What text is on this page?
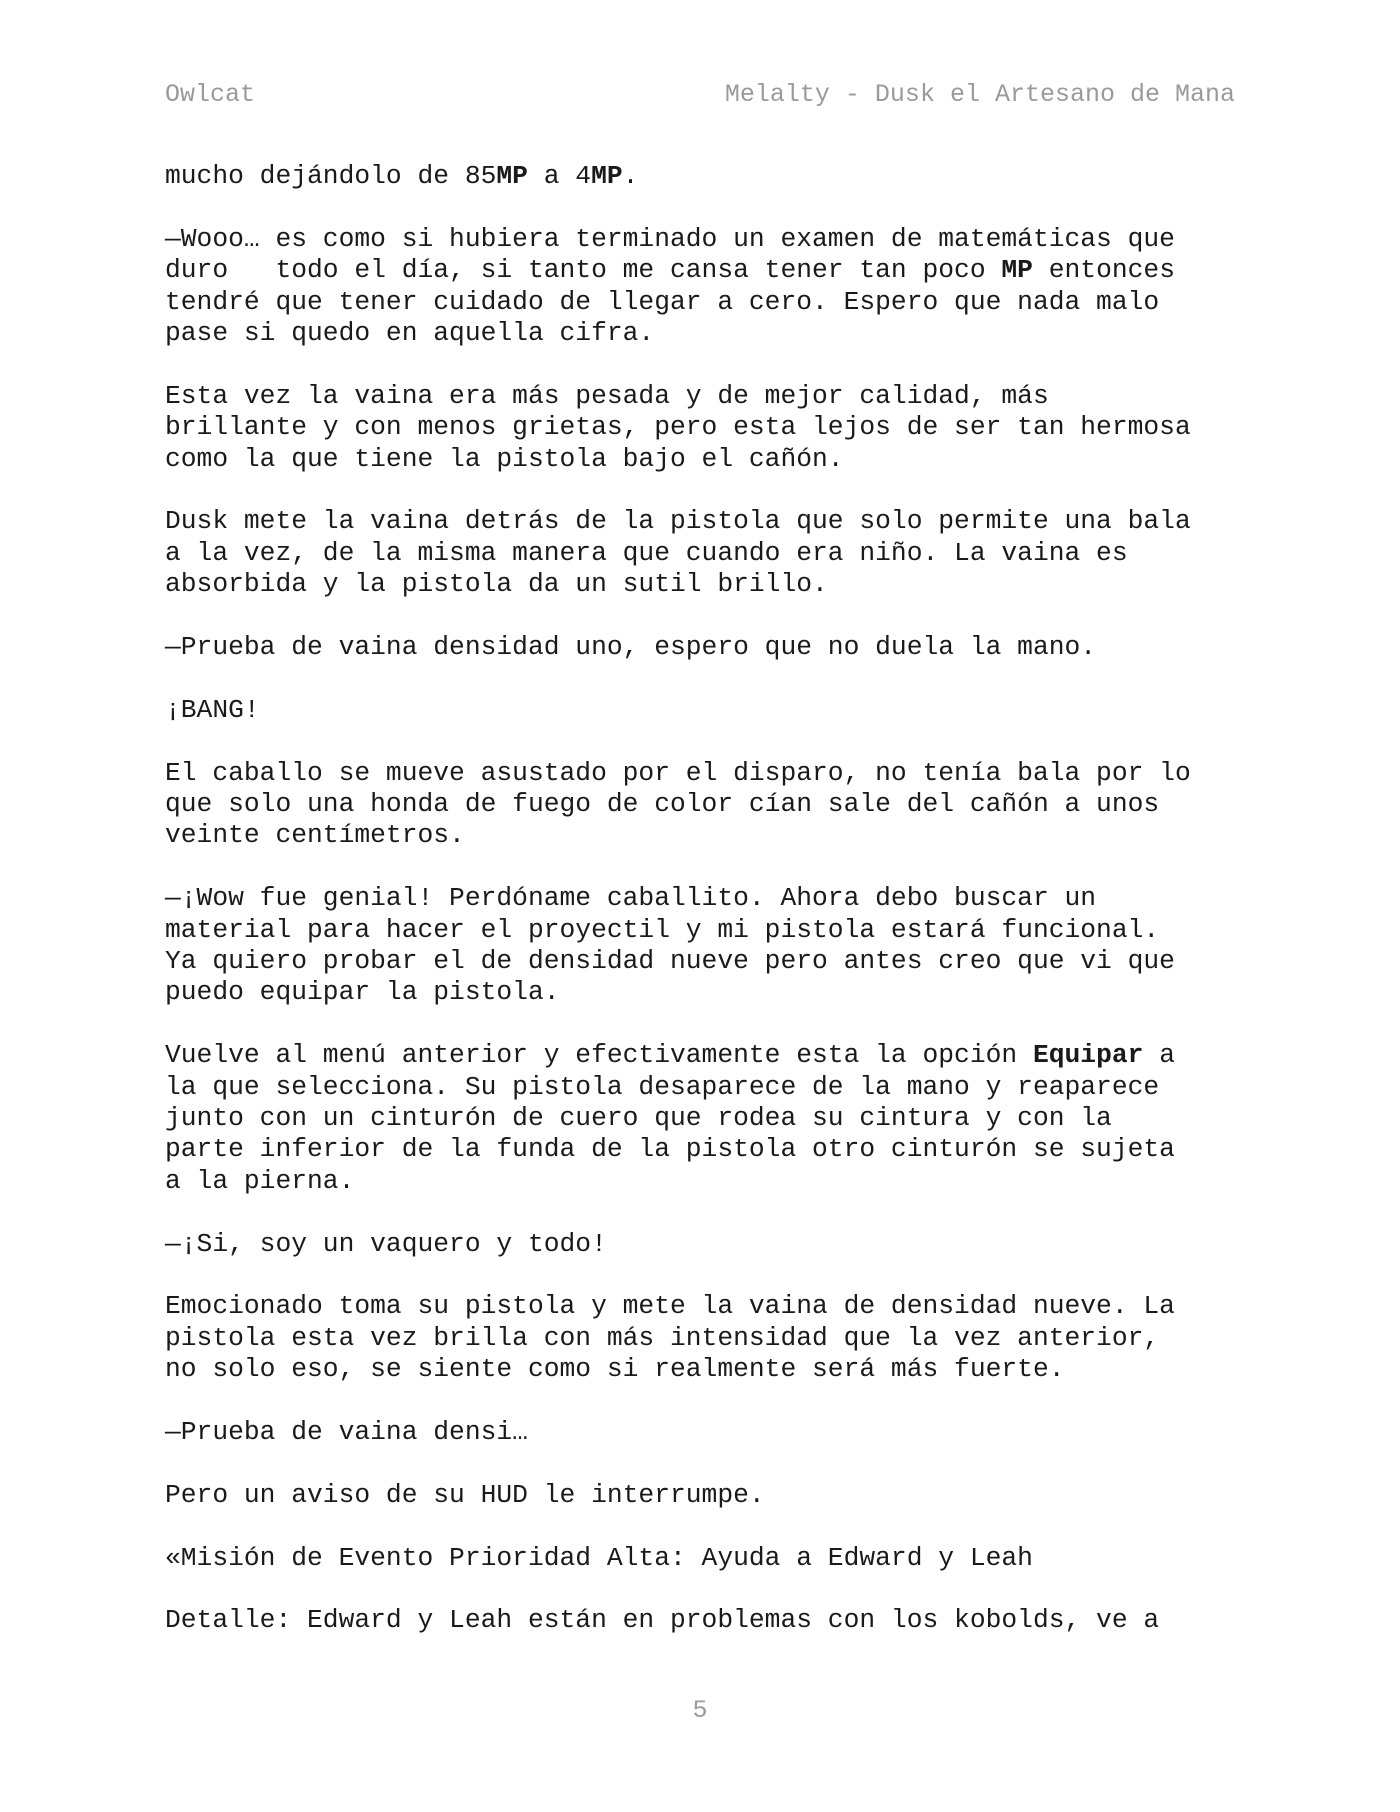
Owlcat	Melalty - Dusk el Artesano de Mana
mucho dejándolo de 85MP a 4MP.
—Wooo… es como si hubiera terminado un examen de matemáticas que
duro   todo el día, si tanto me cansa tener tan poco MP entonces
tendré que tener cuidado de llegar a cero. Espero que nada malo
pase si quedo en aquella cifra.
Esta vez la vaina era más pesada y de mejor calidad, más
brillante y con menos grietas, pero esta lejos de ser tan hermosa
como la que tiene la pistola bajo el cañón.
Dusk mete la vaina detrás de la pistola que solo permite una bala
a la vez, de la misma manera que cuando era niño. La vaina es
absorbida y la pistola da un sutil brillo.
—Prueba de vaina densidad uno, espero que no duela la mano.
¡BANG!
El caballo se mueve asustado por el disparo, no tenía bala por lo
que solo una honda de fuego de color cían sale del cañón a unos
veinte centímetros.
—¡Wow fue genial! Perdóname caballito. Ahora debo buscar un
material para hacer el proyectil y mi pistola estará funcional.
Ya quiero probar el de densidad nueve pero antes creo que vi que
puedo equipar la pistola.
Vuelve al menú anterior y efectivamente esta la opción Equipar a
la que selecciona. Su pistola desaparece de la mano y reaparece
junto con un cinturón de cuero que rodea su cintura y con la
parte inferior de la funda de la pistola otro cinturón se sujeta
a la pierna.
—¡Si, soy un vaquero y todo!
Emocionado toma su pistola y mete la vaina de densidad nueve. La
pistola esta vez brilla con más intensidad que la vez anterior,
no solo eso, se siente como si realmente será más fuerte.
—Prueba de vaina densi…
Pero un aviso de su HUD le interrumpe.
«Misión de Evento Prioridad Alta: Ayuda a Edward y Leah
Detalle: Edward y Leah están en problemas con los kobolds, ve a
5
